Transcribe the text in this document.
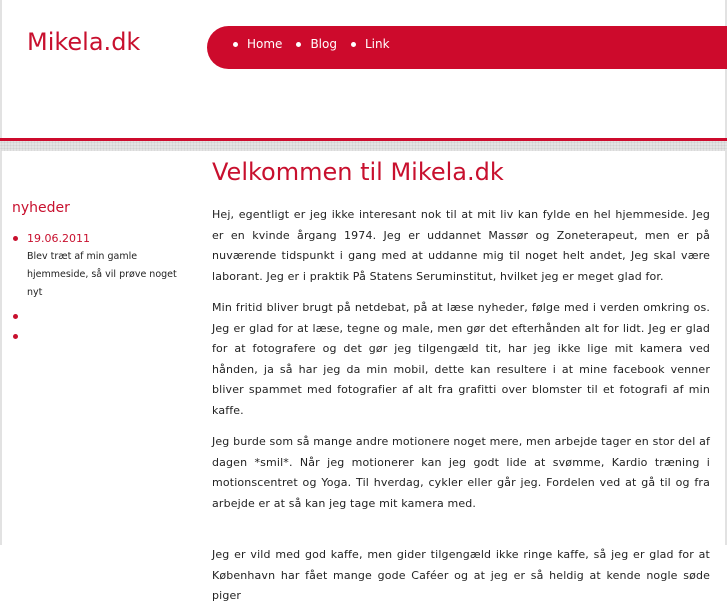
Mikela.dk	Home Blog Link
nyheder
19.06.2011
Blev træt af min gamle hjemmeside, så vil prøve noget nyt
Velkommen til Mikela.dk

Hej, egentligt er jeg ikke interesant nok til at mit liv kan fylde en hel hjemmeside. Jeg er en kvinde årgang 1974. Jeg er uddannet Massør og Zoneterapeut, men er på nuværende tidspunkt i gang med at uddanne mig til noget helt andet, Jeg skal være laborant. Jeg er i praktik På Statens Seruminstitut, hvilket jeg er meget glad for.

Min fritid bliver brugt på netdebat, på at læse nyheder, følge med i verden omkring os. Jeg er glad for at læse, tegne og male, men gør det efterhånden alt for lidt. Jeg er glad for at fotografere og det gør jeg tilgengæld tit, har jeg ikke lige mit kamera ved hånden, ja så har jeg da min mobil, dette kan resultere i at mine facebook venner bliver spammet med fotografier af alt fra grafitti over blomster til et fotografi af min kaffe.

Jeg burde som så mange andre motionere noget mere, men arbejde tager en stor del af dagen *smil*. Når jeg motionerer kan jeg godt lide at svømme, Kardio træning i motionscentret og Yoga. Til hverdag, cykler eller går jeg. Fordelen ved at gå til og fra arbejde er at så kan jeg tage mit kamera med.

Jeg er vild med god kaffe, men gider tilgengæld ikke ringe kaffe, så jeg er glad for at København har fået mange gode Caféer og at jeg er så heldig at kende nogle søde piger
